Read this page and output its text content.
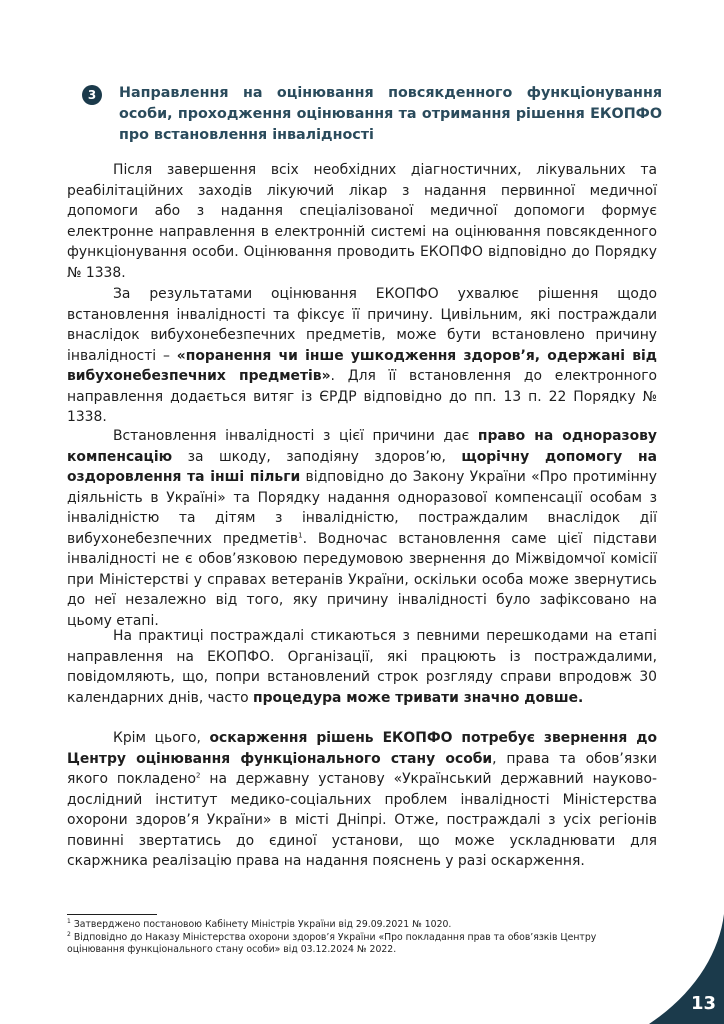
3	Направлення на оцінювання повсякденного функціонування особи, проходження оцінювання та отримання рішення ЕКОПФО про встановлення інвалідності

Після завершення всіх необхідних діагностичних, лікувальних та реабілітаційних заходів лікуючий лікар з надання первинної медичної допомоги або з надання спеціалізованої медичної допомоги формує електронне направлення в електронній системі на оцінювання повсякденного функціонування особи. Оцінювання проводить ЕКОПФО відповідно до Порядку № 1338.

За результатами оцінювання ЕКОПФО ухвалює рішення щодо встановлення інвалідності та фіксує її причину. Цивільним, які постраждали внаслідок вибухонебезпечних предметів, може бути встановлено причину інвалідності – «поранення чи інше ушкодження здоров’я, одержані від вибухонебезпечних предметів». Для її встановлення до електронного направлення додається витяг із ЄРДР відповідно до пп. 13 п. 22 Порядку № 1338.

Встановлення інвалідності з цієї причини дає право на одноразову компенсацію за шкоду, заподіяну здоров’ю, щорічну допомогу на оздоровлення та інші пільги відповідно до Закону України «Про протимінну діяльність в Україні» та Порядку надання одноразової компенсації особам з інвалідністю та дітям з інвалідністю, постраждалим внаслідок дії вибухонебезпечних предметів$^1$. Водночас встановлення саме цієї підстави інвалідності не є обов’язковою передумовою звернення до Міжвідомчої комісії при Міністерстві у справах ветеранів України, оскільки особа може звернутись до неї незалежно від того, яку причину інвалідності було зафіксовано на цьому етапі.

На практиці постраждалі стикаються з певними перешкодами на етапі направлення на ЕКОПФО. Організації, які працюють із постраждалими, повідомляють, що, попри встановлений строк розгляду справи впродовж 30 календарних днів, часто процедура може тривати значно довше.

Крім цього, оскарження рішень ЕКОПФО потребує звернення до Центру оцінювання функціонального стану особи, права та обов’язки якого покладено$^2$ на державну установу «Український державний науково-дослідний інститут медико-соціальних проблем інвалідності Міністерства охорони здоров’я України» в місті Дніпрі. Отже, постраждалі з усіх регіонів повинні звертатись до єдиної установи, що може ускладнювати для скаржника реалізацію права на надання пояснень у разі оскарження.

$^1$ Затверджено постановою Кабінету Міністрів України від 29.09.2021 № 1020.

$^2$ Відповідно до Наказу Міністерства охорони здоров’я України «Про покладання прав та обов’язків Центру оцінювання функціонального стану особи» від 03.12.2024 № 2022.

13
